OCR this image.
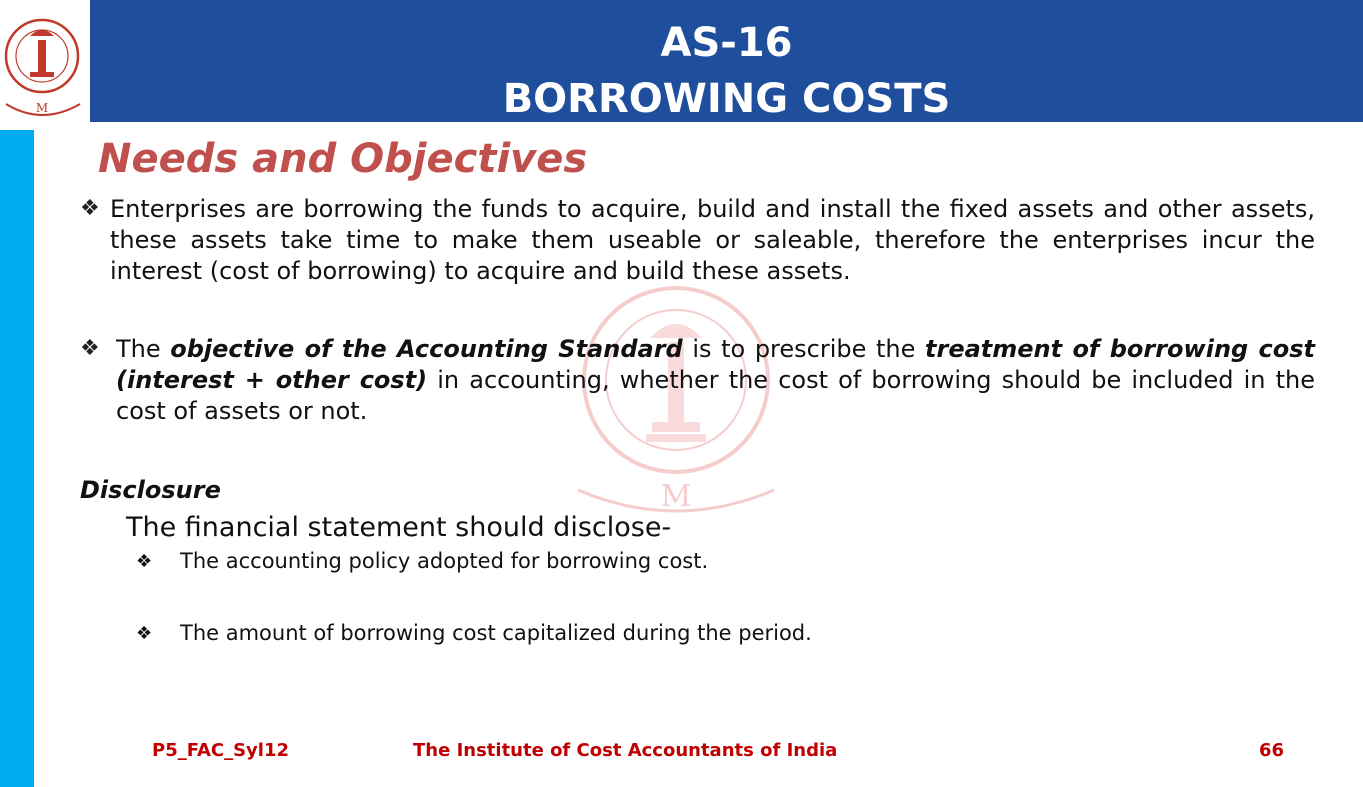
AS-16
BORROWING COSTS
M
M
Needs and Objectives
❖ Enterprises are borrowing the funds to acquire, build and install the fixed assets and other assets, these assets take time to make them useable or saleable, therefore the enterprises incur the interest (cost of borrowing) to acquire and build these assets.
❖ The objective of the Accounting Standard is to prescribe the treatment of borrowing cost (interest + other cost) in accounting, whether the cost of borrowing should be included in the cost of assets or not.
Disclosure
The financial statement should disclose-
❖ The accounting policy adopted for borrowing cost.
❖ The amount of borrowing cost capitalized during the period.
P5_FAC_Syl12	The Institute of Cost Accountants of India	66
